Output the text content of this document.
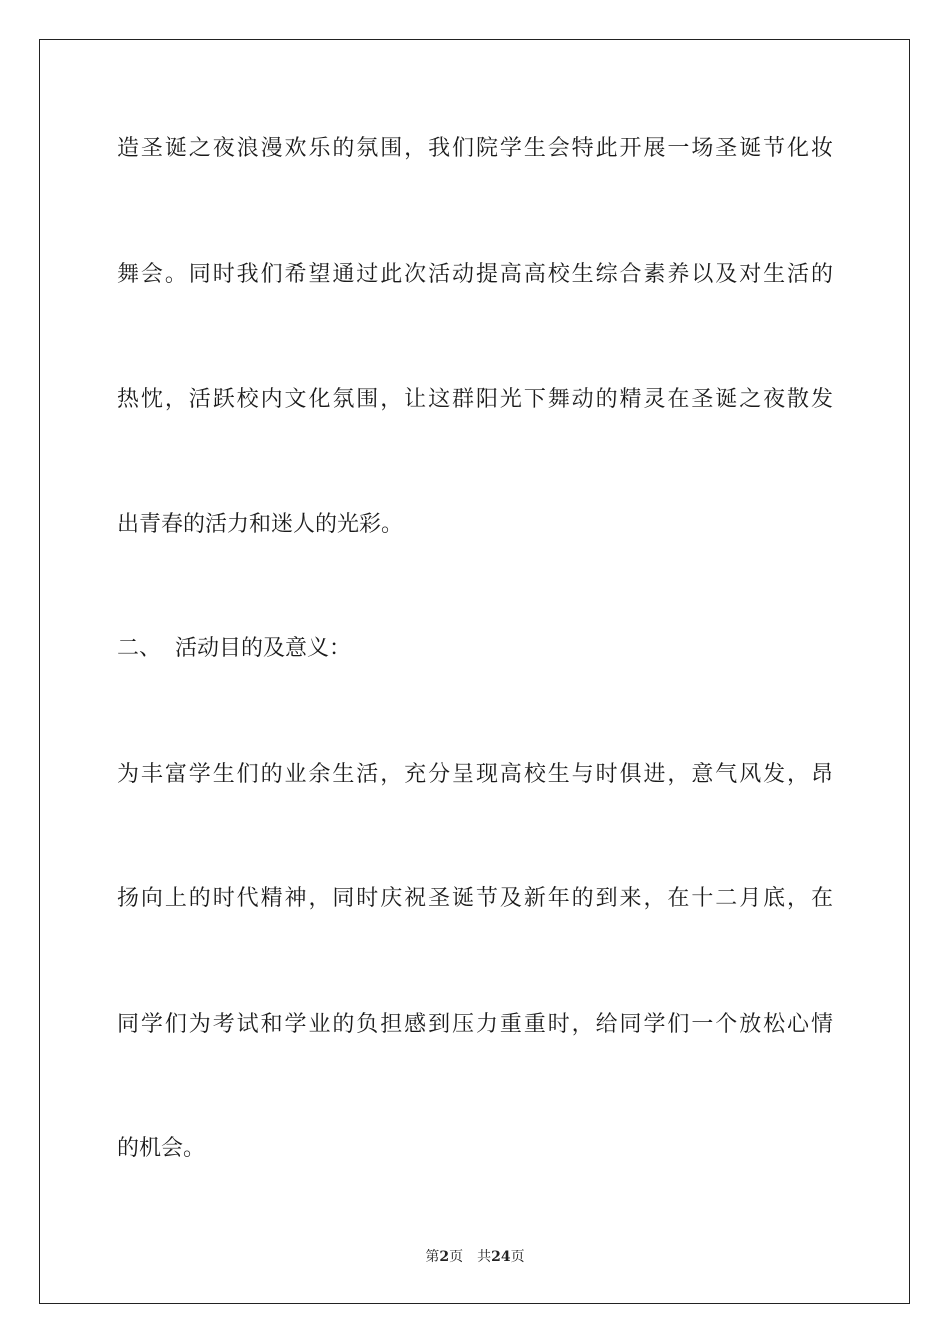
造圣诞之夜浪漫欢乐的氛围，我们院学生会特此开展一场圣诞节化妆
舞会。同时我们希望通过此次活动提高高校生综合素养以及对生活的
热忱，活跃校内文化氛围，让这群阳光下舞动的精灵在圣诞之夜散发
出青春的活力和迷人的光彩。
二、 活动目的及意义：
为丰富学生们的业余生活，充分呈现高校生与时俱进，意气风发，昂
扬向上的时代精神，同时庆祝圣诞节及新年的到来，在十二月底，在
同学们为考试和学业的负担感到压力重重时，给同学们一个放松心情
的机会。
第2页 共24页
